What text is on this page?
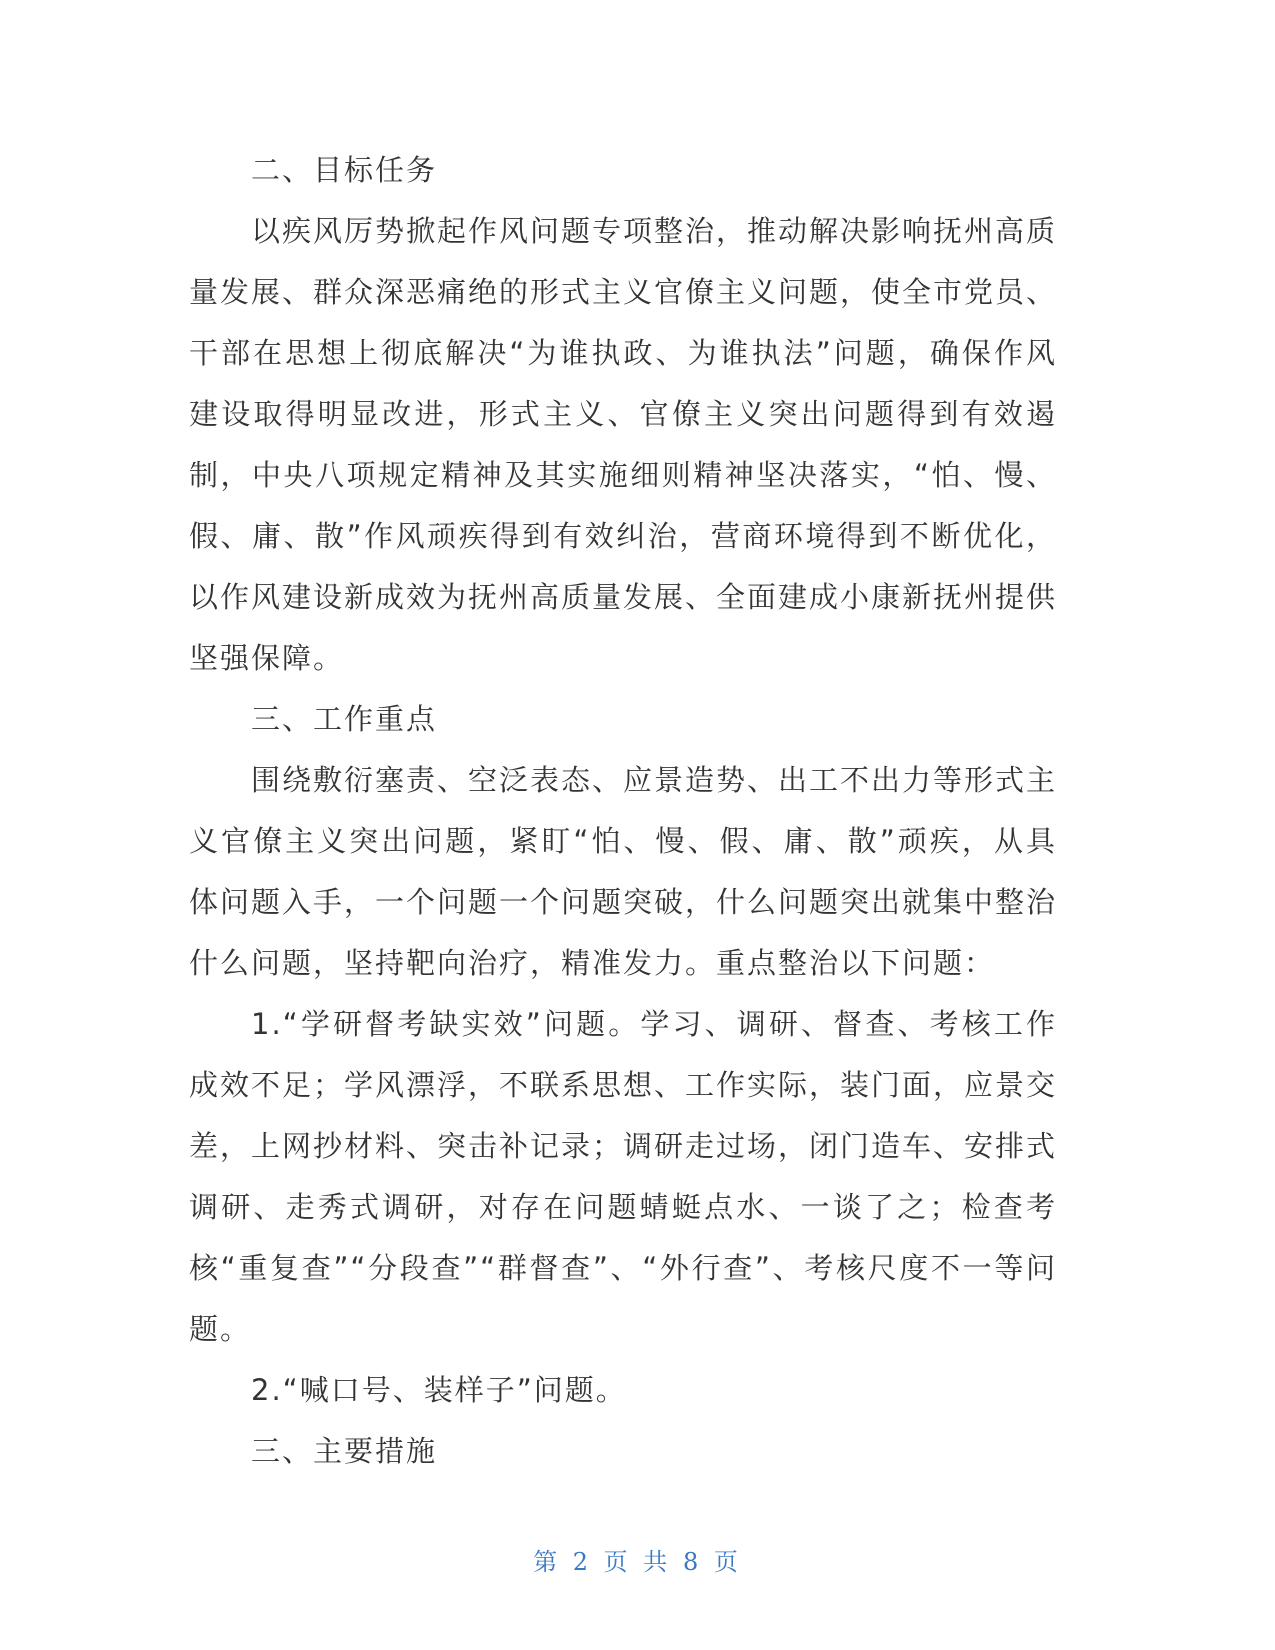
二、目标任务

以疾风厉势掀起作风问题专项整治，推动解决影响抚州高质量发展、群众深恶痛绝的形式主义官僚主义问题，使全市党员、干部在思想上彻底解决“为谁执政、为谁执法”问题，确保作风建设取得明显改进，形式主义、官僚主义突出问题得到有效遏制，中央八项规定精神及其实施细则精神坚决落实，“怕、慢、假、庸、散”作风顽疾得到有效纠治，营商环境得到不断优化，以作风建设新成效为抚州高质量发展、全面建成小康新抚州提供坚强保障。

三、工作重点

围绕敷衍塞责、空泛表态、应景造势、出工不出力等形式主义官僚主义突出问题，紧盯“怕、慢、假、庸、散”顽疾，从具体问题入手，一个问题一个问题突破，什么问题突出就集中整治什么问题，坚持靶向治疗，精准发力。重点整治以下问题：

1.“学研督考缺实效”问题。学习、调研、督查、考核工作成效不足；学风漂浮，不联系思想、工作实际，装门面，应景交差，上网抄材料、突击补记录；调研走过场，闭门造车、安排式调研、走秀式调研，对存在问题蜻蜓点水、一谈了之；检查考核“重复查”“分段查”“群督查”、“外行查”、考核尺度不一等问题。

2.“喊口号、装样子”问题。

三、主要措施

第 2 页 共 8 页
